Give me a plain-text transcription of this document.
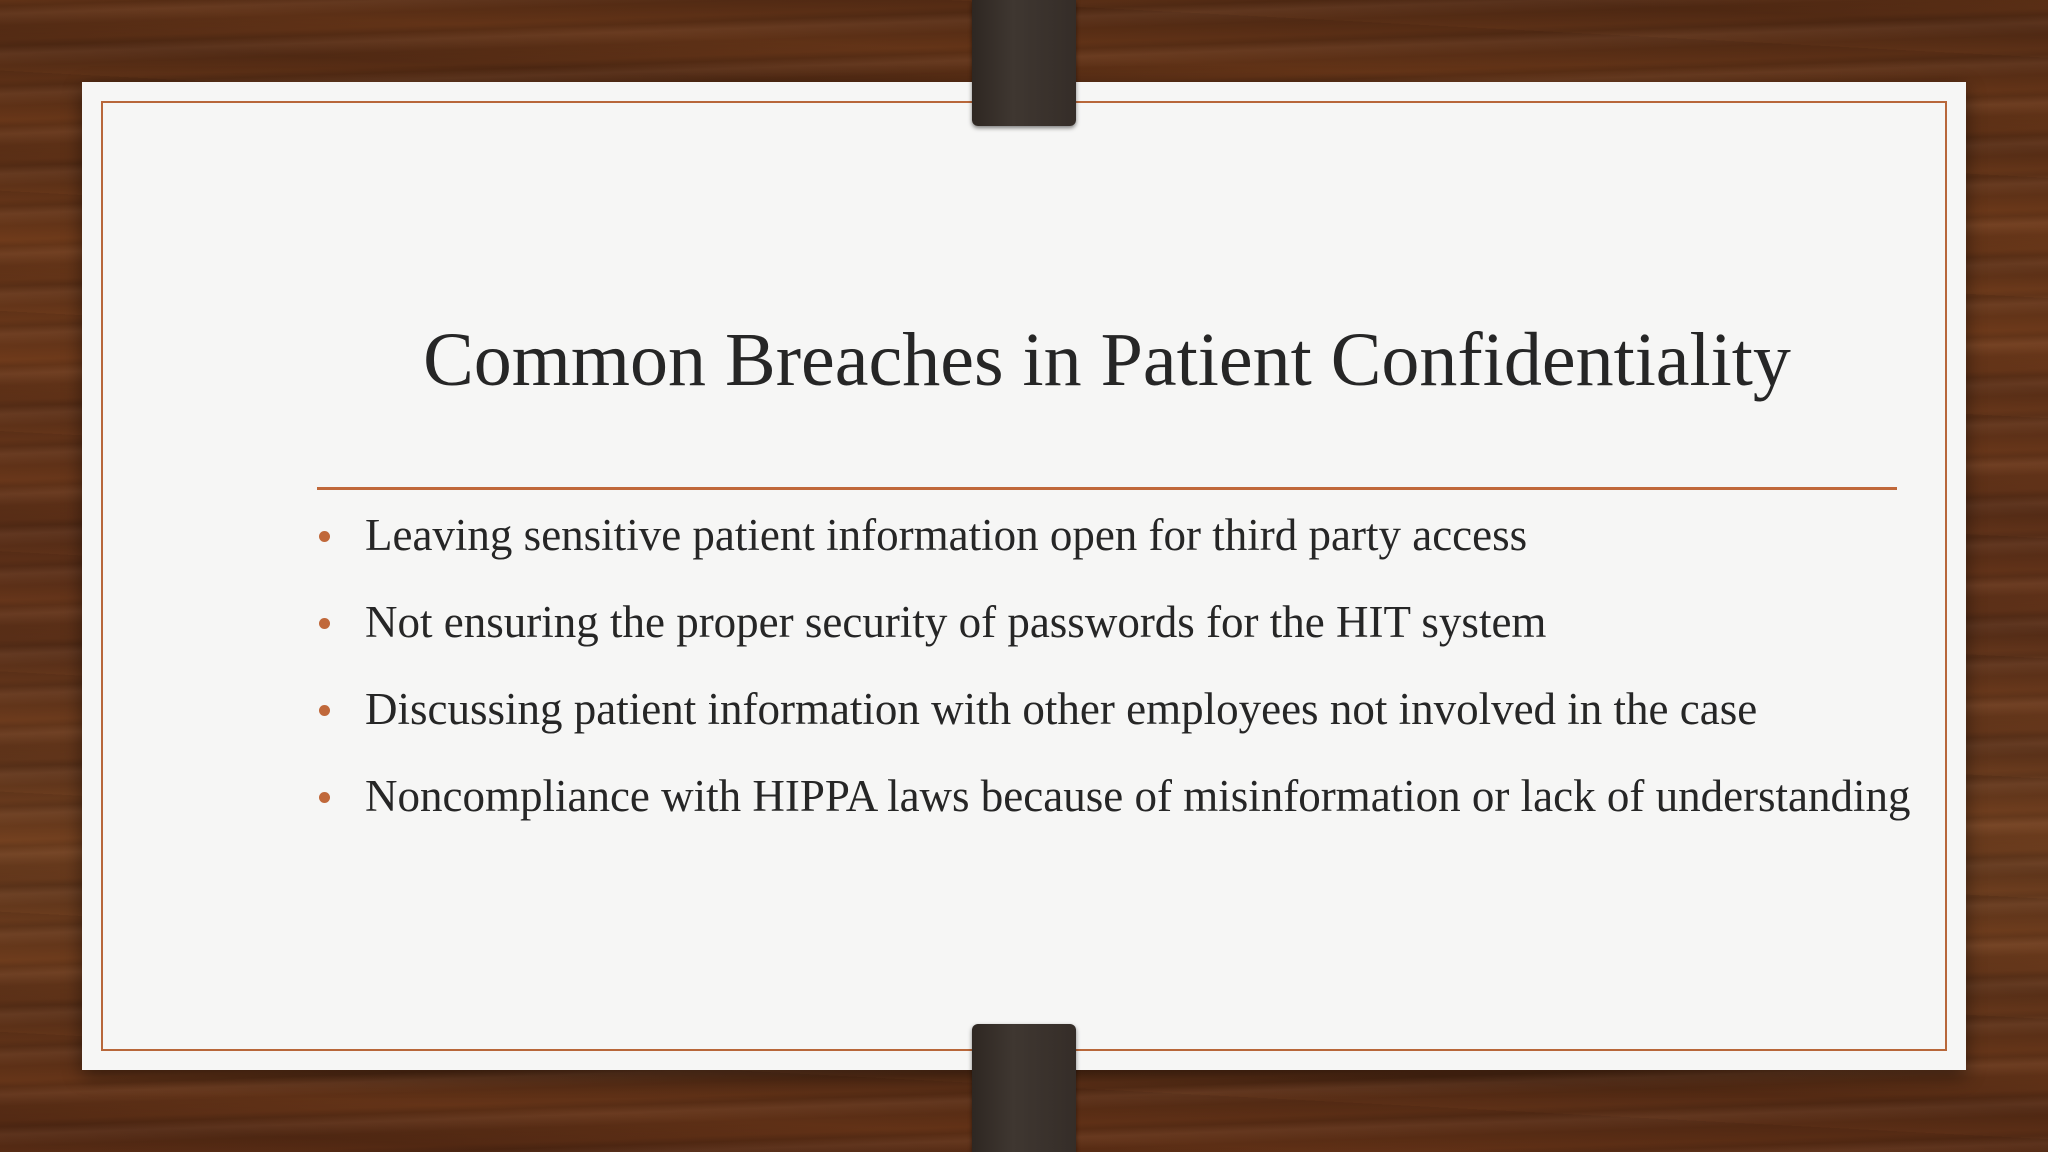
Common Breaches in Patient Confidentiality
Leaving sensitive patient information open for third party access
Not ensuring the proper security of passwords for the HIT system
Discussing patient information with other employees not involved in the case
Noncompliance with HIPPA laws because of misinformation or lack of understanding
